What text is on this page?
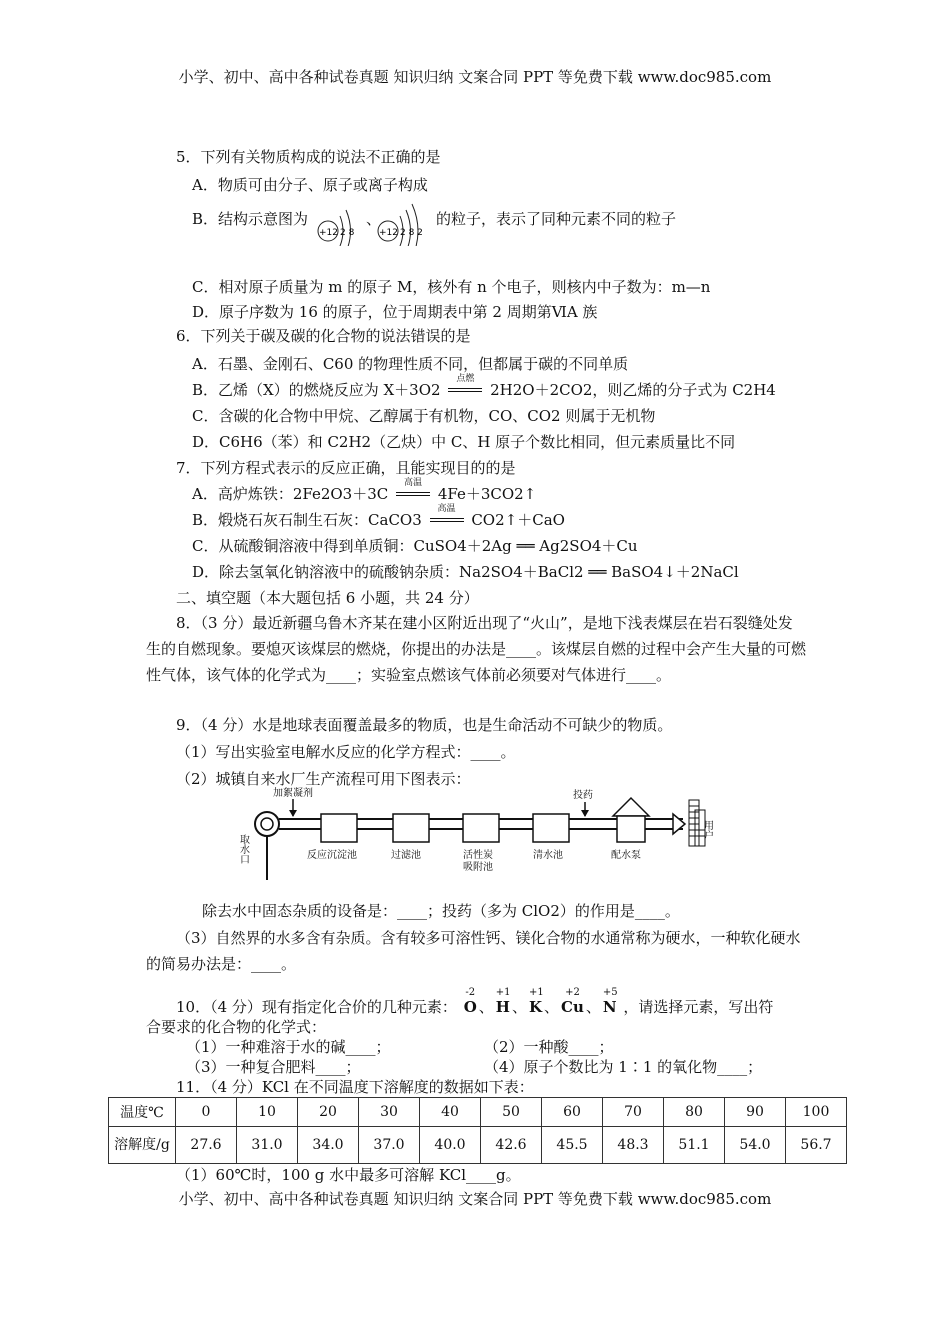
小学、初中、高中各种试卷真题 知识归纳 文案合同 PPT 等免费下载 www.doc985.com
5．下列有关物质构成的说法不正确的是
A．物质可由分子、原子或离子构成
B．结构示意图为
+12 2 8	+12 2 8 2
、	的粒子，表示了同种元素不同的粒子
C．相对原子质量为 m 的原子 M，核外有 n 个电子，则核内中子数为：m—n
D．原子序数为 16 的原子，位于周期表中第 2 周期第ⅥA 族
6．下列关于碳及碳的化合物的说法错误的是
A．石墨、金刚石、C60 的物理性质不同，但都属于碳的不同单质
B．乙烯（X）的燃烧反应为 X＋3O2
点燃
2H2O＋2CO2，则乙烯的分子式为 C2H4
C．含碳的化合物中甲烷、乙醇属于有机物，CO、CO2 则属于无机物
D．C6H6（苯）和 C2H2（乙炔）中 C、H 原子个数比相同，但元素质量比不同
7．下列方程式表示的反应正确，且能实现目的的是
A．高炉炼铁：2Fe2O3＋3C
高温
4Fe＋3CO2↑
B．煅烧石灰石制生石灰：CaCO3
高温
CO2↑＋CaO
C．从硫酸铜溶液中得到单质铜：CuSO4＋2Ag ══ Ag2SO4＋Cu
D．除去氢氧化钠溶液中的硫酸钠杂质：Na2SO4＋BaCl2 ══ BaSO4↓＋2NaCl
二、填空题（本大题包括 6 小题，共 24 分）
8．（3 分）最近新疆乌鲁木齐某在建小区附近出现了“火山”，是地下浅表煤层在岩石裂缝处发生的自燃现象。要熄灭该煤层的燃烧，你提出的办法是____。该煤层自燃的过程中会产生大量的可燃性气体，该气体的化学式为____；实验室点燃该气体前必须要对气体进行____。
9．（4 分）水是地球表面覆盖最多的物质，也是生命活动不可缺少的物质。
（1）写出实验室电解水反应的化学方程式：____。
（2）城镇自来水厂生产流程可用下图表示：
取水口
加絮凝剂
反应沉淀池	过滤池	活性炭
吸附池
清水池
投药
配水泵
用户
除去水中固态杂质的设备是：____；投药（多为 ClO2）的作用是____。
（3）自然界的水多含有杂质。含有较多可溶性钙、镁化合物的水通常称为硬水，一种软化硬水的简易办法是：____。
10．（4 分）现有指定化合价的几种元素：
-2
O 、
+1
H 、
+1
K 、
+2
Cu 、
+5
N ，请选择元素，写出符
合要求的化合物的化学式：
（1）一种难溶于水的碱____；	（2）一种酸____；
（3）一种复合肥料____；	（4）原子个数比为 1∶1 的氧化物____；
11．（4 分）KCl 在不同温度下溶解度的数据如下表：
温度℃	0	10	20	30	40	50	60	70	80	90	100
溶解度/g	27.6	31.0	34.0	37.0	40.0	42.6	45.5	48.3	51.1	54.0	56.7
（1）60℃时，100 g 水中最多可溶解 KCl____g。
小学、初中、高中各种试卷真题 知识归纳 文案合同 PPT 等免费下载 www.doc985.com
